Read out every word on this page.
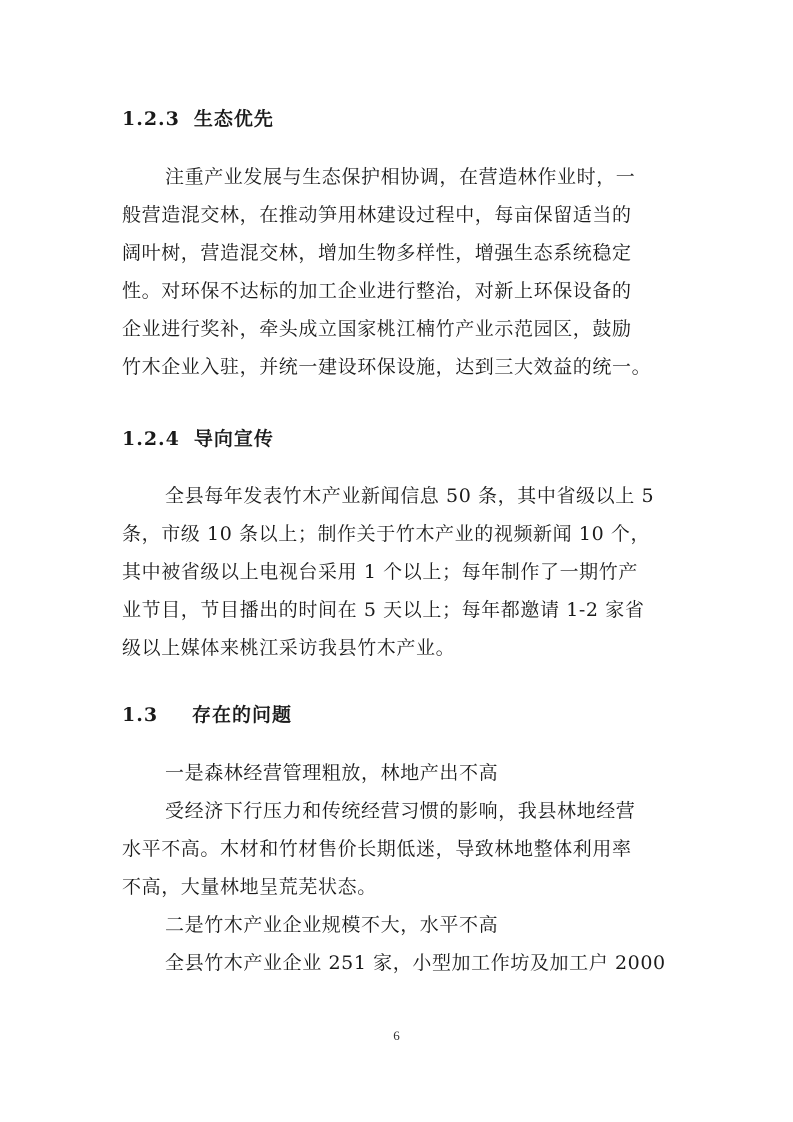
1.2.3 生态优先
注重产业发展与生态保护相协调，在营造林作业时，一
般营造混交林，在推动笋用林建设过程中，每亩保留适当的
阔叶树，营造混交林，增加生物多样性，增强生态系统稳定
性。对环保不达标的加工企业进行整治，对新上环保设备的
企业进行奖补，牵头成立国家桃江楠竹产业示范园区，鼓励
竹木企业入驻，并统一建设环保设施，达到三大效益的统一。
1.2.4 导向宣传
全县每年发表竹木产业新闻信息 50 条，其中省级以上 5
条，市级 10 条以上；制作关于竹木产业的视频新闻 10 个，
其中被省级以上电视台采用 1 个以上；每年制作了一期竹产
业节目，节目播出的时间在 5 天以上；每年都邀请 1-2 家省
级以上媒体来桃江采访我县竹木产业。
1.3 存在的问题
一是森林经营管理粗放，林地产出不高
受经济下行压力和传统经营习惯的影响，我县林地经营
水平不高。木材和竹材售价长期低迷，导致林地整体利用率
不高，大量林地呈荒芜状态。
二是竹木产业企业规模不大，水平不高
全县竹木产业企业 251 家，小型加工作坊及加工户 2000
6
